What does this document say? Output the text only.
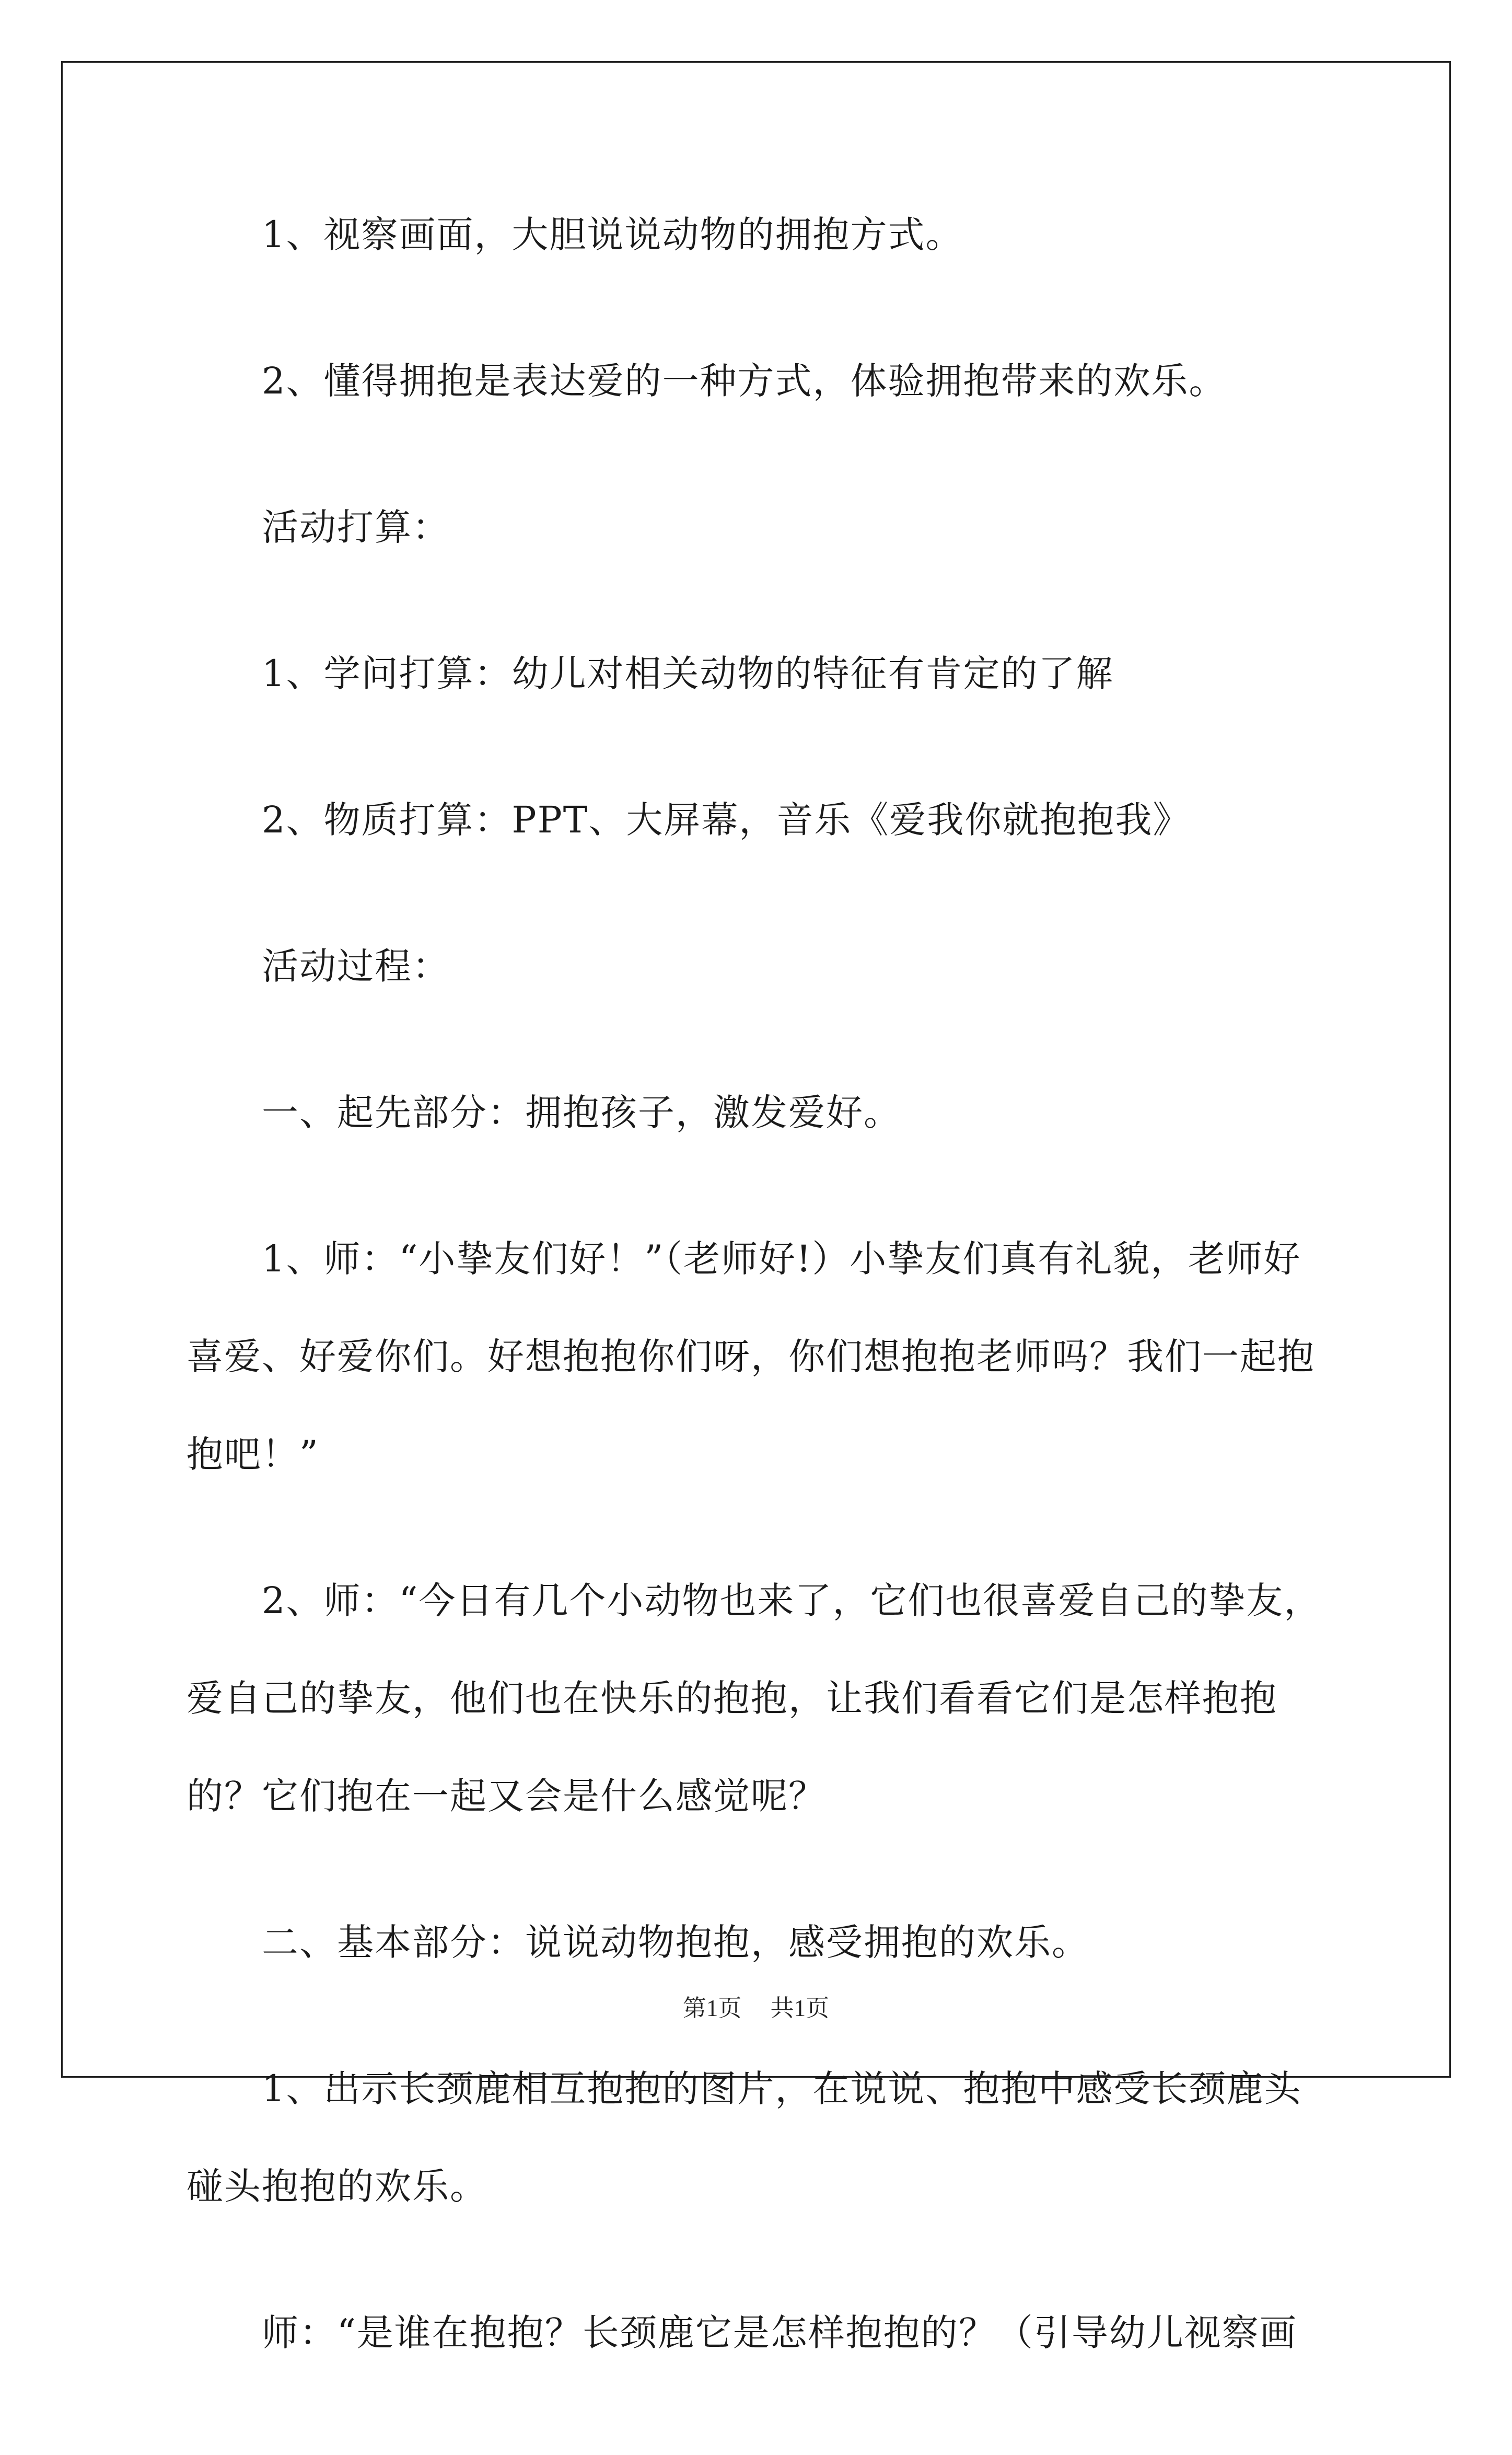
1、视察画面，大胆说说动物的拥抱方式。

2、懂得拥抱是表达爱的一种方式，体验拥抱带来的欢乐。

活动打算：

1、学问打算：幼儿对相关动物的特征有肯定的了解

2、物质打算：PPT、大屏幕，音乐《爱我你就抱抱我》

活动过程：

一、起先部分：拥抱孩子，激发爱好。

1、师：“小挚友们好！”（老师好!）小挚友们真有礼貌，老师好喜爱、好爱你们。好想抱抱你们呀，你们想抱抱老师吗？我们一起抱抱吧！”

2、师：“今日有几个小动物也来了，它们也很喜爱自己的挚友，爱自己的挚友，他们也在快乐的抱抱，让我们看看它们是怎样抱抱的？它们抱在一起又会是什么感觉呢？

二、基本部分：说说动物抱抱，感受拥抱的欢乐。

1、出示长颈鹿相互抱抱的图片，在说说、抱抱中感受长颈鹿头碰头抱抱的欢乐。

师：“是谁在抱抱？长颈鹿它是怎样抱抱的？（引导幼儿视察画

第1页 共1页
